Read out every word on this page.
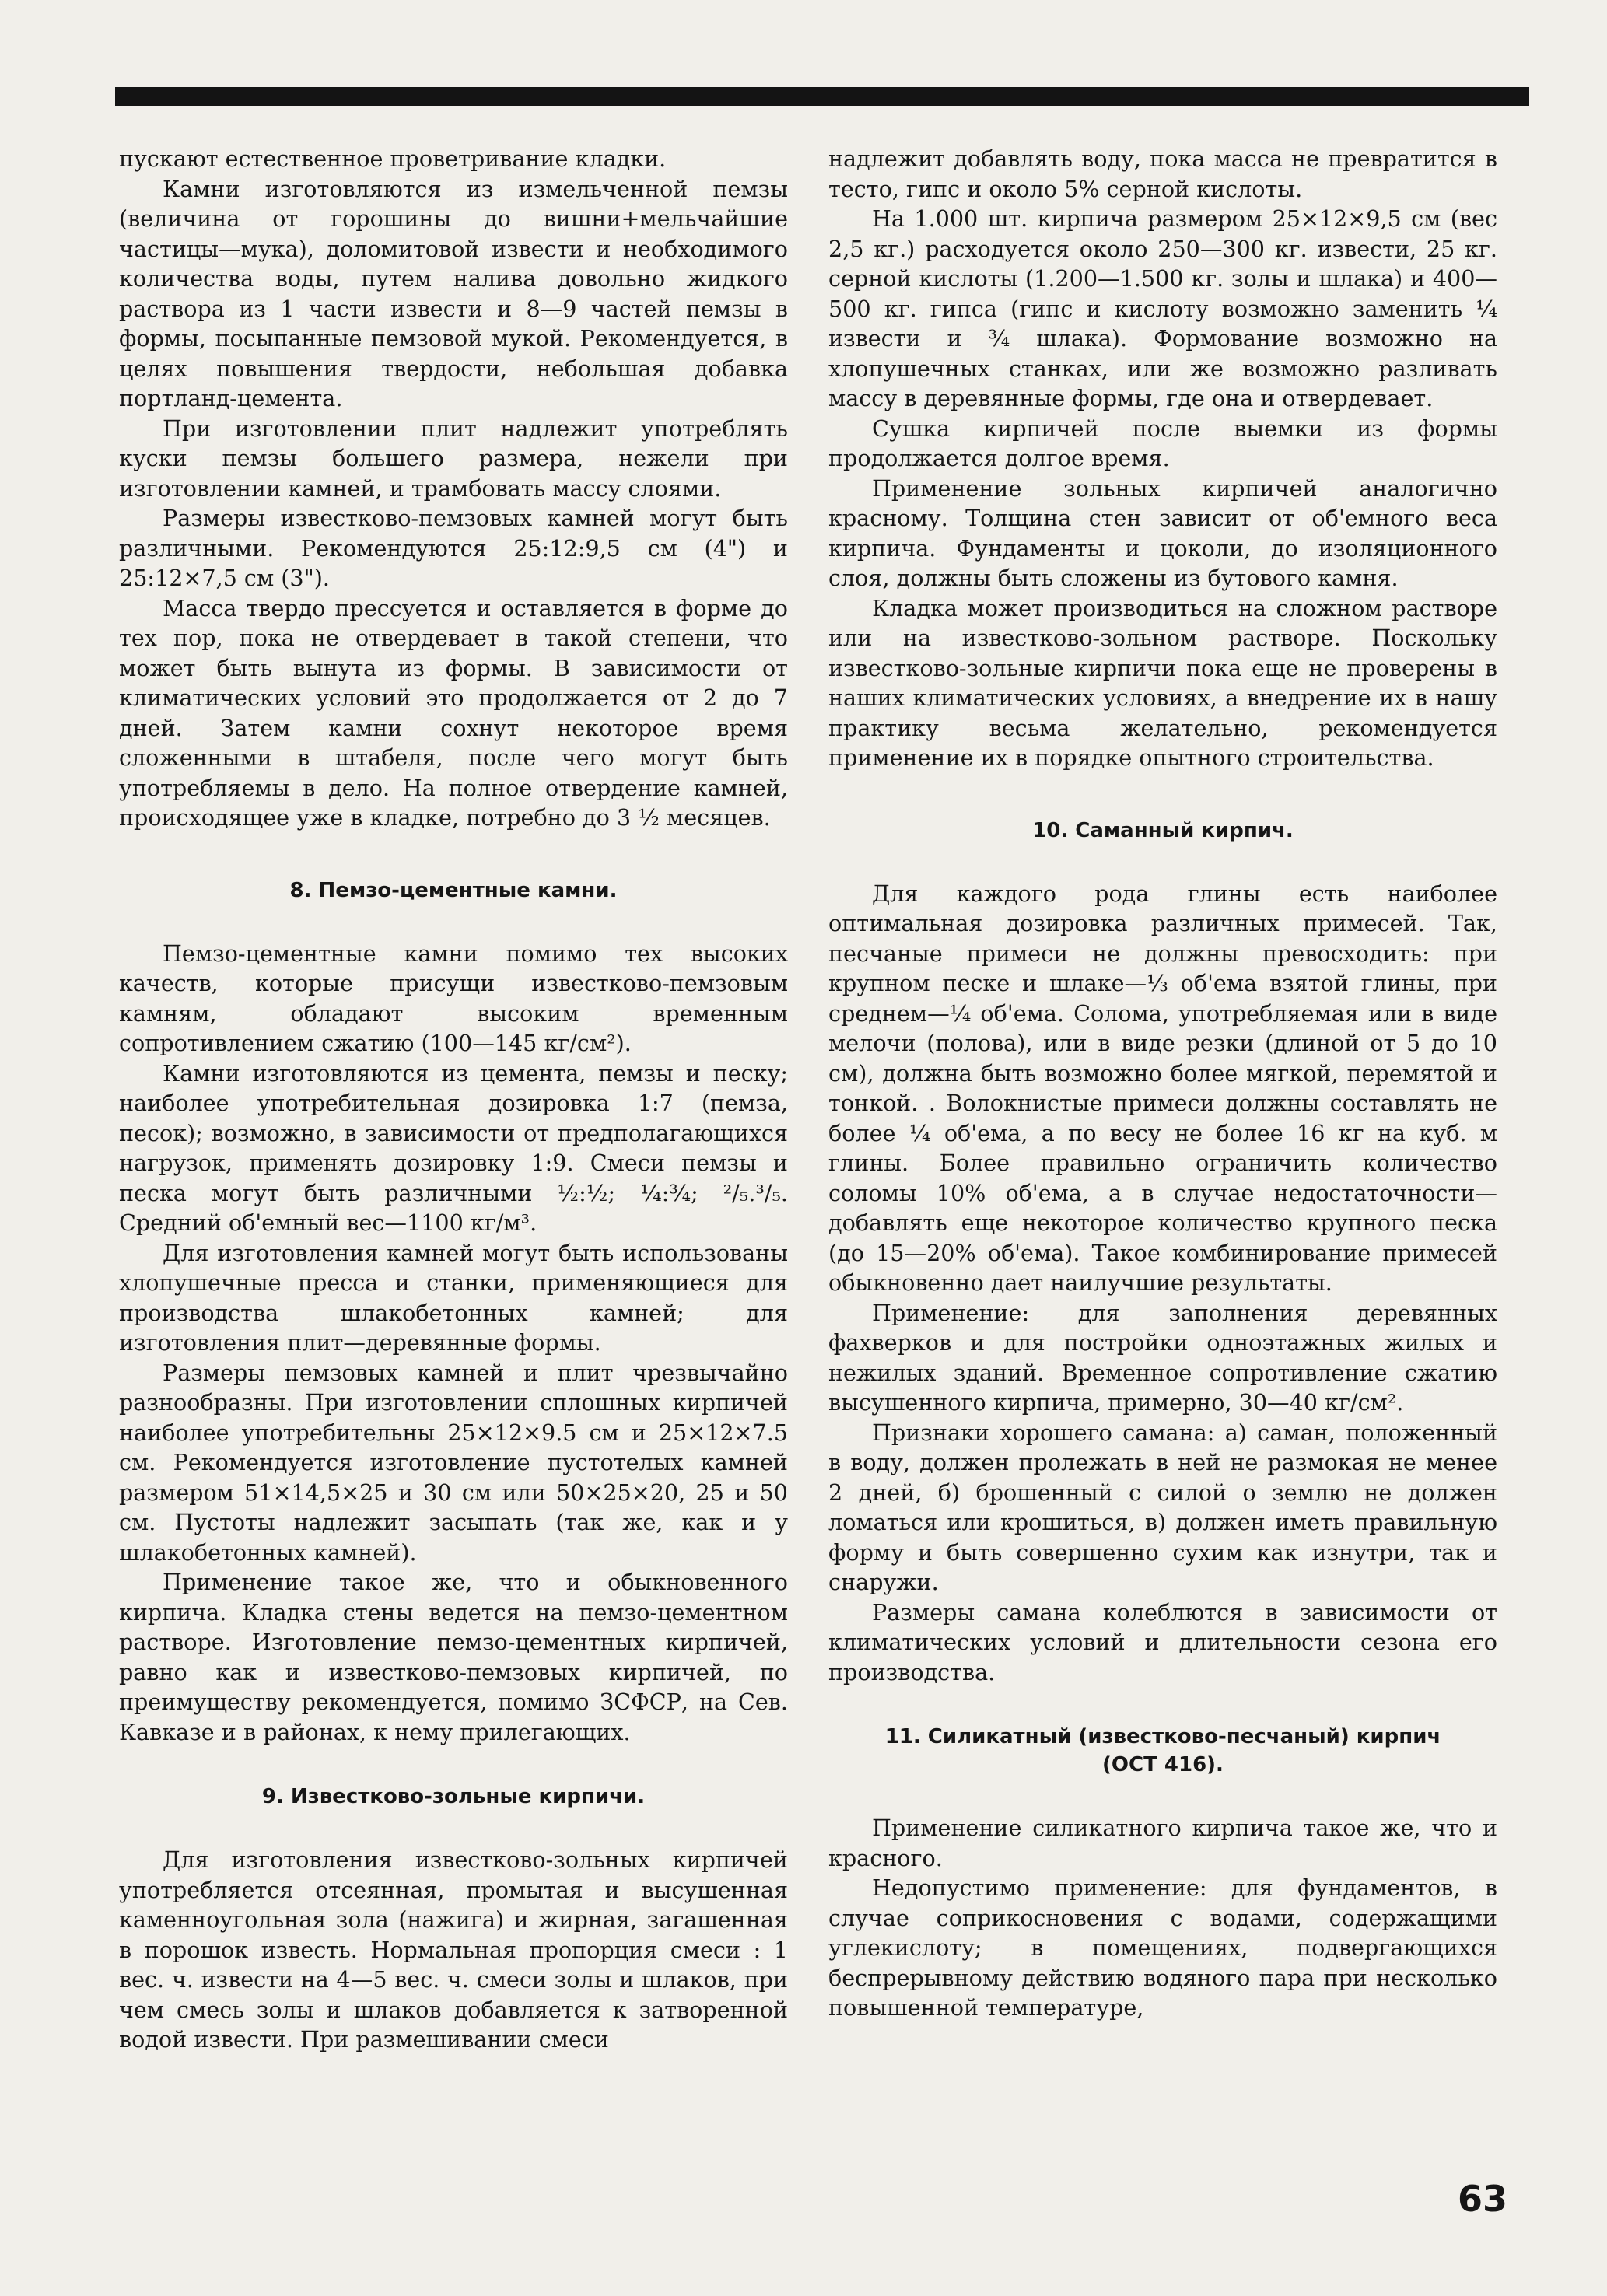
пускают естественное проветривание кладки.

Камни изготовляются из измельченной пемзы (величина от горошины до вишни+мельчайшие частицы—мука), доломитовой извести и необходимого количества воды, путем налива довольно жидкого раствора из 1 части извести и 8—9 частей пемзы в формы, посыпанные пемзовой мукой. Рекомендуется, в целях повышения твердости, небольшая добавка портланд-цемента.

При изготовлении плит надлежит употреблять куски пемзы большего размера, нежели при изготовлении камней, и трамбовать массу слоями.

Размеры известково-пемзовых камней могут быть различными. Рекомендуются 25:12:9,5 см (4") и 25:12×7,5 см (3").

Масса твердо прессуется и оставляется в форме до тех пор, пока не отвердевает в такой степени, что может быть вынута из формы. В зависимости от климатических условий это продолжается от 2 до 7 дней. Затем камни сохнут некоторое время сложенными в штабеля, после чего могут быть употребляемы в дело. На полное отвердение камней, происходящее уже в кладке, потребно до 3 ½ месяцев.

8. Пемзо-цементные камни.

Пемзо-цементные камни помимо тех высоких качеств, которые присущи известково-пемзовым камням, обладают высоким временным сопротивлением сжатию (100—145 кг/см²).

Камни изготовляются из цемента, пемзы и песку; наиболее употребительная дозировка 1:7 (пемза, песок); возможно, в зависимости от предполагающихся нагрузок, применять дозировку 1:9. Смеси пемзы и песка могут быть различными ½:½; ¼:¾; ²/₅.³/₅. Средний об'емный вес—1100 кг/м³.

Для изготовления камней могут быть использованы хлопушечные пресса и станки, применяющиеся для производства шлакобетонных камней; для изготовления плит—деревянные формы.

Размеры пемзовых камней и плит чрезвычайно разнообразны. При изготовлении сплошных кирпичей наиболее употребительны 25×12×9.5 см и 25×12×7.5 см. Рекомендуется изготовление пустотелых камней размером 51×14,5×25 и 30 см или 50×25×20, 25 и 50 см. Пустоты надлежит засыпать (так же, как и у шлакобетонных камней).

Применение такое же, что и обыкновенного кирпича. Кладка стены ведется на пемзо-цементном растворе. Изготовление пемзо-цементных кирпичей, равно как и известково-пемзовых кирпичей, по преимуществу рекомендуется, помимо ЗСФСР, на Сев. Кавказе и в районах, к нему прилегающих.

9. Известково-зольные кирпичи.

Для изготовления известково-зольных кирпичей употребляется отсеянная, промытая и высушенная каменноугольная зола (нажига) и жирная, загашенная в порошок известь. Нормальная пропорция смеси : 1 вес. ч. извести на 4—5 вес. ч. смеси золы и шлаков, при чем смесь золы и шлаков добавляется к затворенной водой извести. При размешивании смеси

надлежит добавлять воду, пока масса не превратится в тесто, гипс и около 5% серной кислоты.

На 1.000 шт. кирпича размером 25×12×9,5 см (вес 2,5 кг.) расходуется около 250—300 кг. извести, 25 кг. серной кислоты (1.200—1.500 кг. золы и шлака) и 400—500 кг. гипса (гипс и кислоту возможно заменить ¼ извести и ¾ шлака). Формование возможно на хлопушечных станках, или же возможно разливать массу в деревянные формы, где она и отвердевает.

Сушка кирпичей после выемки из формы продолжается долгое время.

Применение зольных кирпичей аналогично красному. Толщина стен зависит от об'емного веса кирпича. Фундаменты и цоколи, до изоляционного слоя, должны быть сложены из бутового камня.

Кладка может производиться на сложном растворе или на известково-зольном растворе. Поскольку известково-зольные кирпичи пока еще не проверены в наших климатических условиях, а внедрение их в нашу практику весьма желательно, рекомендуется применение их в порядке опытного строительства.

10. Саманный кирпич.

Для каждого рода глины есть наиболее оптимальная дозировка различных примесей. Так, песчаные примеси не должны превосходить: при крупном песке и шлаке—⅓ об'ема взятой глины, при среднем—¼ об'ема. Солома, употребляемая или в виде мелочи (полова), или в виде резки (длиной от 5 до 10 см), должна быть возможно более мягкой, перемятой и тонкой. . Волокнистые примеси должны составлять не более ¼ об'ема, а по весу не более 16 кг на куб. м глины. Более правильно ограничить количество соломы 10% об'ема, а в случае недостаточности—добавлять еще некоторое количество крупного песка (до 15—20% об'ема). Такое комбинирование примесей обыкновенно дает наилучшие результаты.

Применение: для заполнения деревянных фахверков и для постройки одноэтажных жилых и нежилых зданий. Временное сопротивление сжатию высушенного кирпича, примерно, 30—40 кг/см².

Признаки хорошего самана: а) саман, положенный в воду, должен пролежать в ней не размокая не менее 2 дней, б) брошенный с силой о землю не должен ломаться или крошиться, в) должен иметь правильную форму и быть совершенно сухим как изнутри, так и снаружи.

Размеры самана колеблются в зависимости от климатических условий и длительности сезона его производства.

11. Силикатный (известково-песчаный) кирпич
(ОСТ 416).

Применение силикатного кирпича такое же, что и красного.

Недопустимо применение: для фундаментов, в случае соприкосновения с водами, содержащими углекислоту; в помещениях, подвергающихся беспрерывному действию водяного пара при несколько повышенной температуре,

63
